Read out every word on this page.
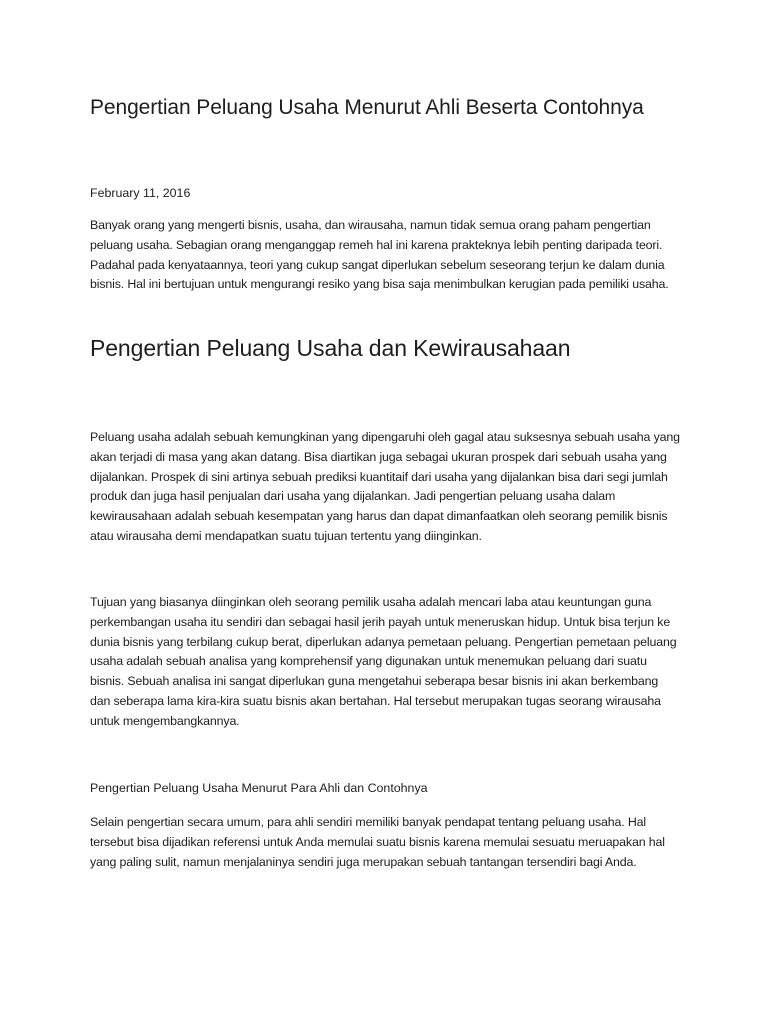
Pengertian Peluang Usaha Menurut Ahli Beserta Contohnya

February 11, 2016

Banyak orang yang mengerti bisnis, usaha, dan wirausaha, namun tidak semua orang paham pengertian peluang usaha. Sebagian orang menganggap remeh hal ini karena prakteknya lebih penting daripada teori. Padahal pada kenyataannya, teori yang cukup sangat diperlukan sebelum seseorang terjun ke dalam dunia bisnis. Hal ini bertujuan untuk mengurangi resiko yang bisa saja menimbulkan kerugian pada pemiliki usaha.

Pengertian Peluang Usaha dan Kewirausahaan

Peluang usaha adalah sebuah kemungkinan yang dipengaruhi oleh gagal atau suksesnya sebuah usaha yang akan terjadi di masa yang akan datang. Bisa diartikan juga sebagai ukuran prospek dari sebuah usaha yang dijalankan. Prospek di sini artinya sebuah prediksi kuantitaif dari usaha yang dijalankan bisa dari segi jumlah produk dan juga hasil penjualan dari usaha yang dijalankan. Jadi pengertian peluang usaha dalam kewirausahaan adalah sebuah kesempatan yang harus dan dapat dimanfaatkan oleh seorang pemilik bisnis atau wirausaha demi mendapatkan suatu tujuan tertentu yang diinginkan.

Tujuan yang biasanya diinginkan oleh seorang pemilik usaha adalah mencari laba atau keuntungan guna perkembangan usaha itu sendiri dan sebagai hasil jerih payah untuk meneruskan hidup. Untuk bisa terjun ke dunia bisnis yang terbilang cukup berat, diperlukan adanya pemetaan peluang. Pengertian pemetaan peluang usaha adalah sebuah analisa yang komprehensif yang digunakan untuk menemukan peluang dari suatu bisnis. Sebuah analisa ini sangat diperlukan guna mengetahui seberapa besar bisnis ini akan berkembang dan seberapa lama kira-kira suatu bisnis akan bertahan. Hal tersebut merupakan tugas seorang wirausaha untuk mengembangkannya.

Pengertian Peluang Usaha Menurut Para Ahli dan Contohnya

Selain pengertian secara umum, para ahli sendiri memiliki banyak pendapat tentang peluang usaha. Hal tersebut bisa dijadikan referensi untuk Anda memulai suatu bisnis karena memulai sesuatu meruapakan hal yang paling sulit, namun menjalaninya sendiri juga merupakan sebuah tantangan tersendiri bagi Anda.
